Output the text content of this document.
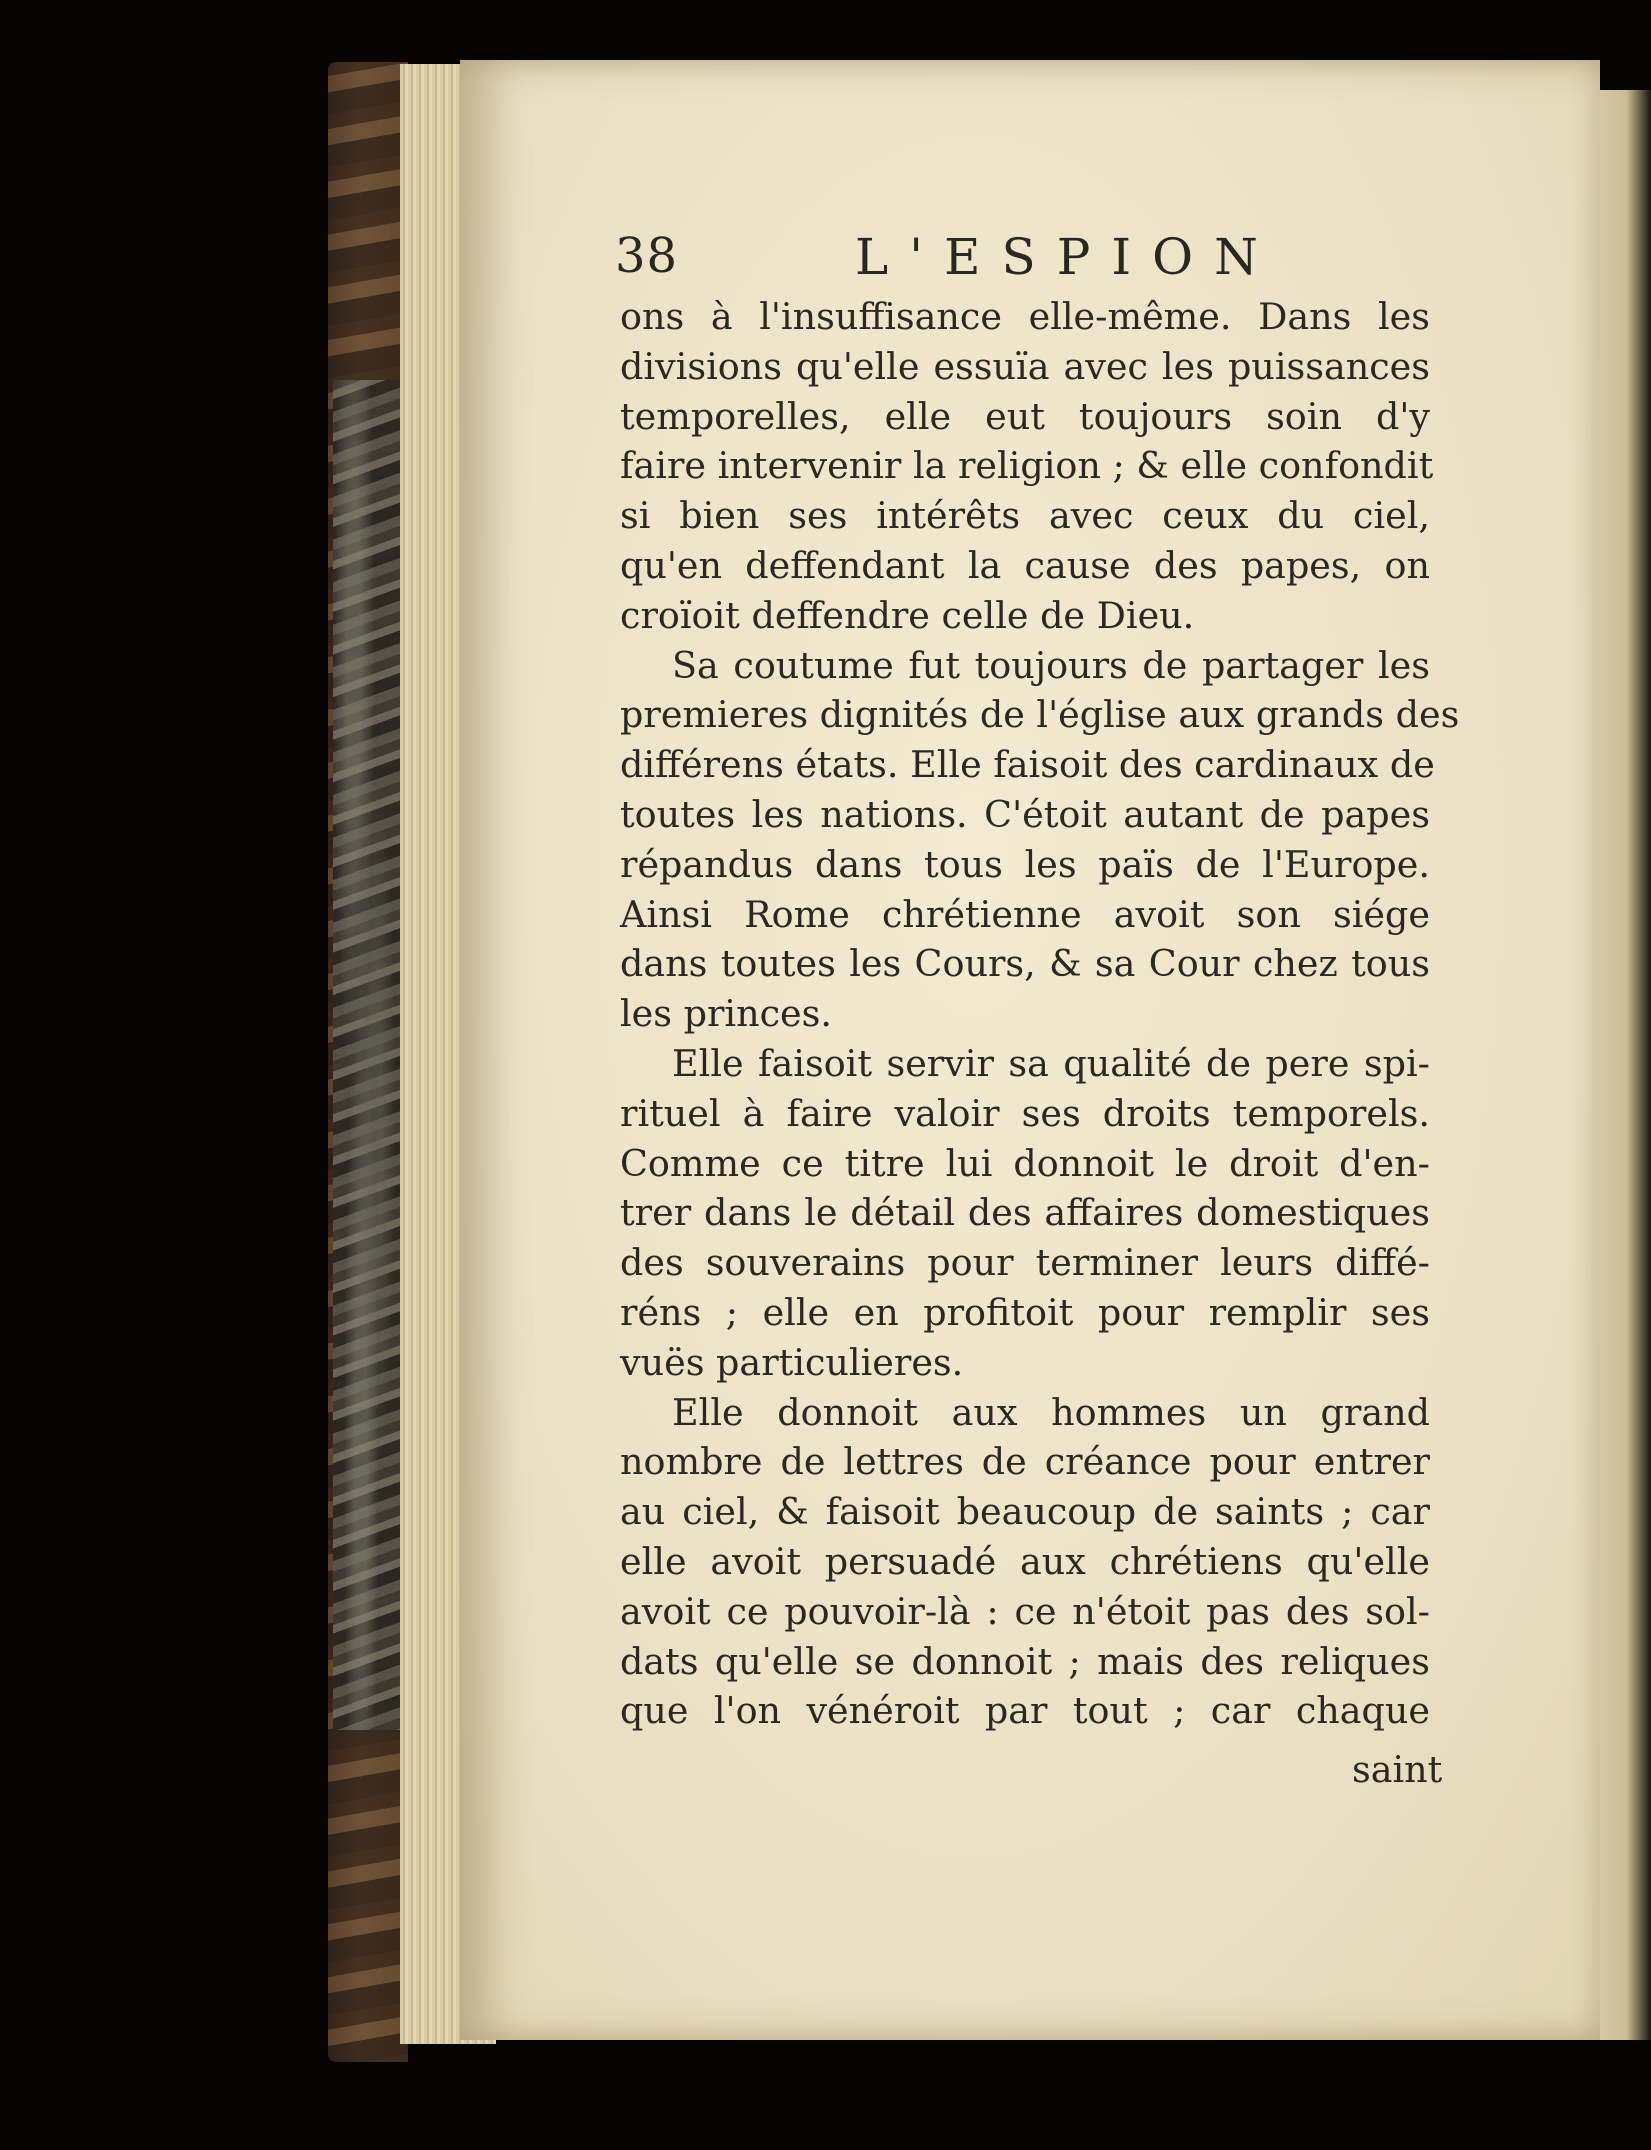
38	L'ESPION
ons à l'insuffisance elle-même. Dans les
divisions qu'elle essuïa avec les puissances
temporelles, elle eut toujours soin d'y
faire intervenir la religion ; & elle confondit
si bien ses intérêts avec ceux du ciel,
qu'en deffendant la cause des papes, on
croïoit deffendre celle de Dieu.
Sa coutume fut toujours de partager les
premieres dignités de l'église aux grands des
différens états. Elle faisoit des cardinaux de
toutes les nations. C'étoit autant de papes
répandus dans tous les païs de l'Europe.
Ainsi Rome chrétienne avoit son siége
dans toutes les Cours, & sa Cour chez tous
les princes.
Elle faisoit servir sa qualité de pere spi-
rituel à faire valoir ses droits temporels.
Comme ce titre lui donnoit le droit d'en-
trer dans le détail des affaires domestiques
des souverains pour terminer leurs diffé-
réns ; elle en profitoit pour remplir ses
vuës particulieres.
Elle donnoit aux hommes un grand
nombre de lettres de créance pour entrer
au ciel, & faisoit beaucoup de saints ; car
elle avoit persuadé aux chrétiens qu'elle
avoit ce pouvoir-là : ce n'étoit pas des sol-
dats qu'elle se donnoit ; mais des reliques
que l'on vénéroit par tout ; car chaque
saint
